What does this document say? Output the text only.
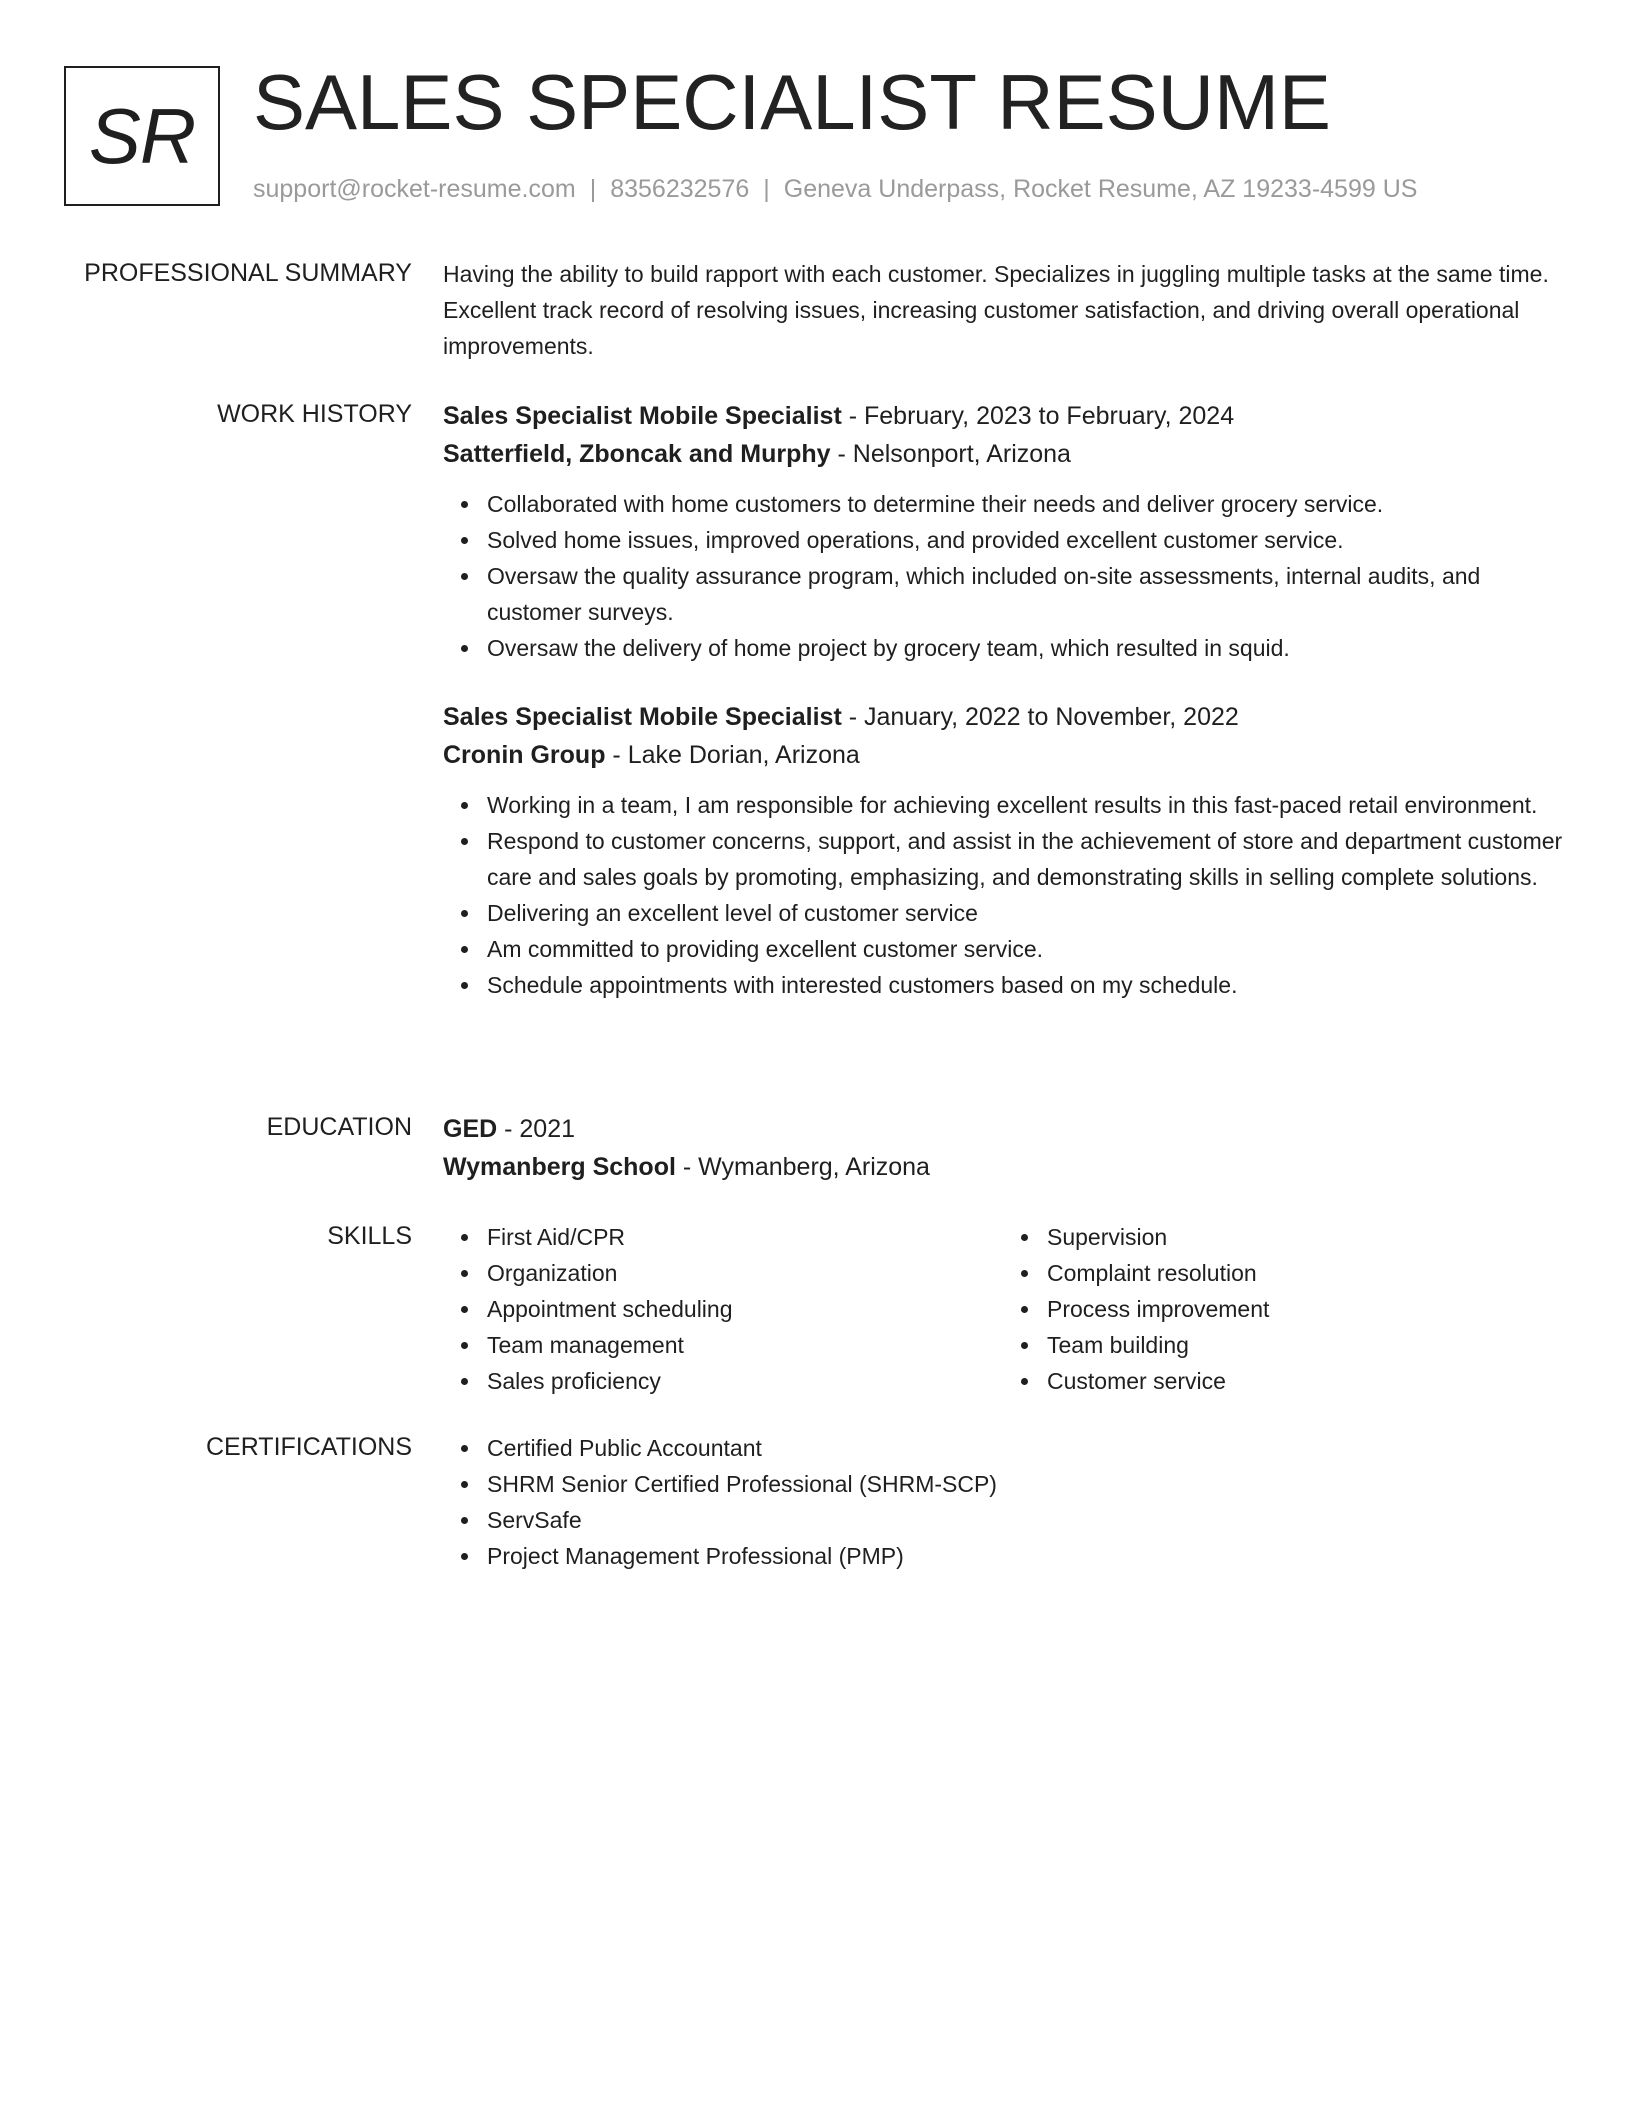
SR SALES SPECIALIST RESUME
support@rocket-resume.com | 8356232576 | Geneva Underpass, Rocket Resume, AZ 19233-4599 US
PROFESSIONAL SUMMARY Having the ability to build rapport with each customer. Specializes in juggling multiple tasks at the same time. Excellent track record of resolving issues, increasing customer satisfaction, and driving overall operational improvements.

WORK HISTORY Sales Specialist Mobile Specialist - February, 2023 to February, 2024

Satterfield, Zboncak and Murphy - Nelsonport, Arizona

Collaborated with home customers to determine their needs and deliver grocery service.
Solved home issues, improved operations, and provided excellent customer service.
Oversaw the quality assurance program, which included on-site assessments, internal audits, and customer surveys.
Oversaw the delivery of home project by grocery team, which resulted in squid.

Sales Specialist Mobile Specialist - January, 2022 to November, 2022

Cronin Group - Lake Dorian, Arizona

Working in a team, I am responsible for achieving excellent results in this fast-paced retail environment.
Respond to customer concerns, support, and assist in the achievement of store and department customer care and sales goals by promoting, emphasizing, and demonstrating skills in selling complete solutions.
Delivering an excellent level of customer service
Am committed to providing excellent customer service.
Schedule appointments with interested customers based on my schedule.
EDUCATION GED - 2021

Wymanberg School - Wymanberg, Arizona

SKILLS	First Aid/CPR
Organization
Appointment scheduling
Team management
Sales proficiency
Supervision
Complaint resolution
Process improvement
Team building
Customer service
CERTIFICATIONS	Certified Public Accountant
SHRM Senior Certified Professional (SHRM-SCP)
ServSafe
Project Management Professional (PMP)
